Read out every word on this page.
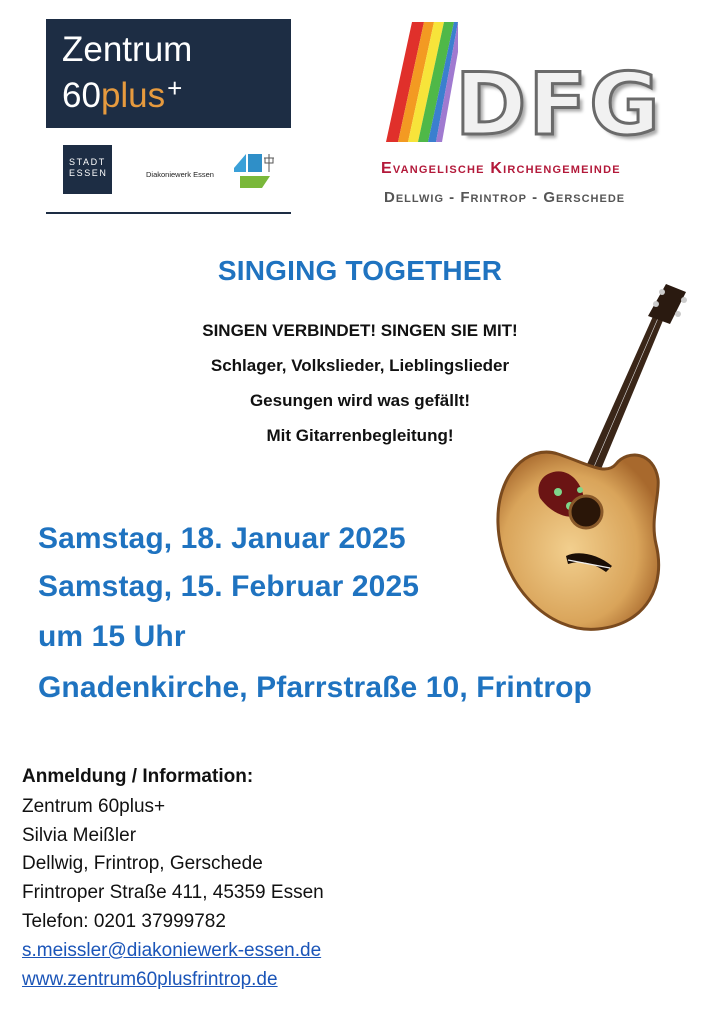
Zentrum
60plus+
STADT
ESSEN	Diakoniewerk Essen
DFG
Evangelische Kirchengemeinde
Dellwig - Frintrop - Gerschede
SINGING TOGETHER
SINGEN VERBINDET! SINGEN SIE MIT!
Schlager, Volkslieder, Lieblingslieder
Gesungen wird was gefällt!
Mit Gitarrenbegleitung!
Samstag, 18. Januar 2025
Samstag, 15. Februar 2025
um 15 Uhr
Gnadenkirche, Pfarrstraße 10, Frintrop
Anmeldung / Information:
Zentrum 60plus+
Silvia Meißler
Dellwig, Frintrop, Gerschede
Frintroper Straße 411, 45359 Essen
Telefon: 0201 37999782
s.meissler@diakoniewerk-essen.de
www.zentrum60plusfrintrop.de
